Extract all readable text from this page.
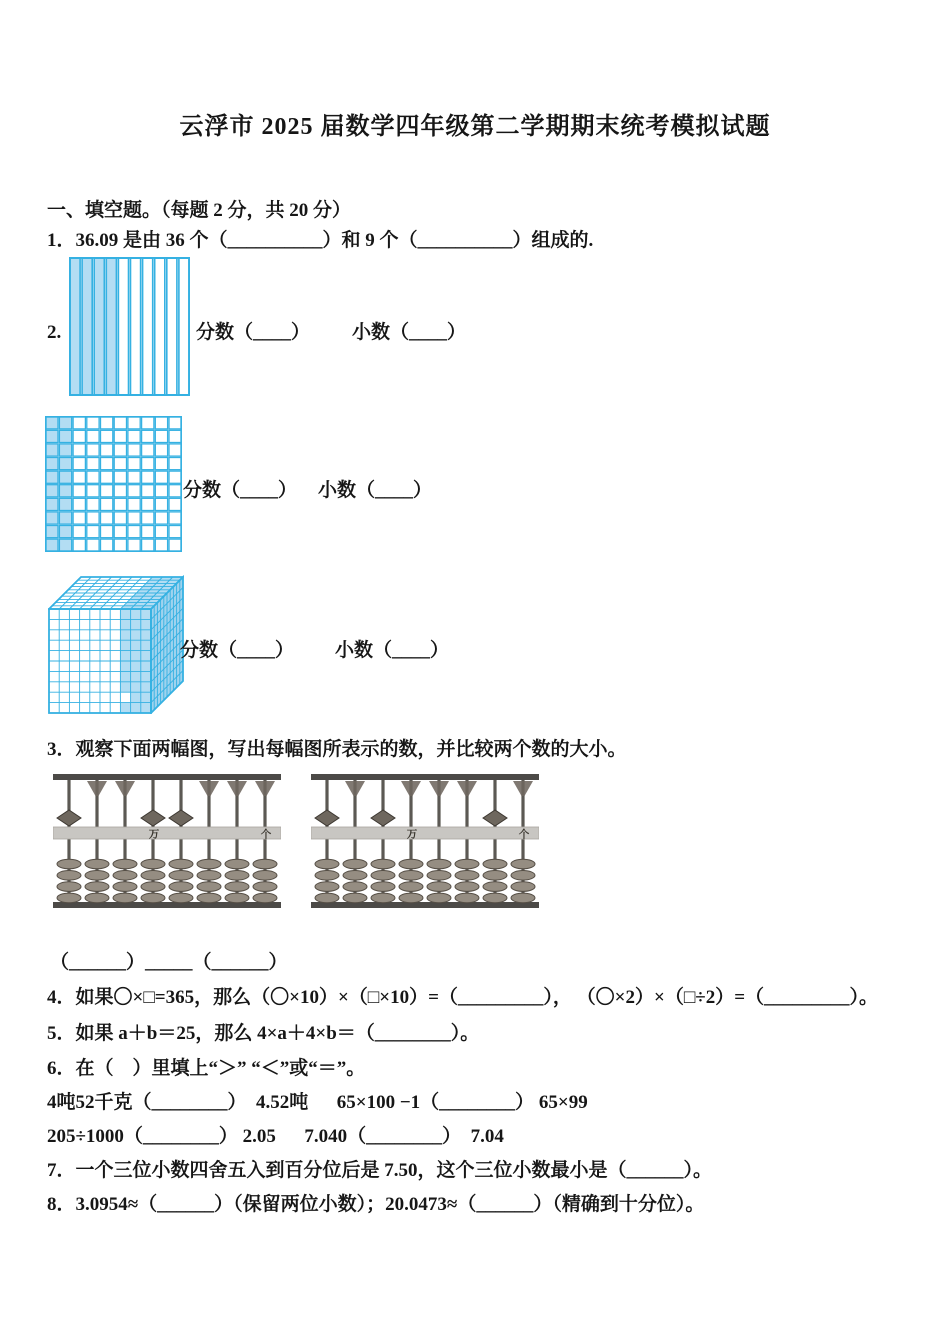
云浮市 2025 届数学四年级第二学期期末统考模拟试题
一、填空题。（每题 2 分，共 20 分）
1．36.09 是由 36 个（__________）和 9 个（__________）组成的.
2.	分数（____） 小数（____）
分数（____） 小数（____）
分数（____） 小数（____）
3．观察下面两幅图，写出每幅图所表示的数，并比较两个数的大小。
万	个	万	个
（______）_____（______）
4．如果〇×□=365，那么（〇×10）×（□×10）=（_________）， （〇×2）×（□÷2）=（_________）。
5．如果 a＋b＝25，那么 4×a＋4×b＝（________）。
6．在（　）里填上“＞” “＜”或“＝”。
4吨52千克（________）  4.52吨      65×100 −1（________） 65×99
205÷1000（________） 2.05      7.040（________）  7.04
7．一个三位小数四舍五入到百分位后是 7.50，这个三位小数最小是（______）。
8．3.0954≈（______）（保留两位小数）；20.0473≈（______）（精确到十分位）。
